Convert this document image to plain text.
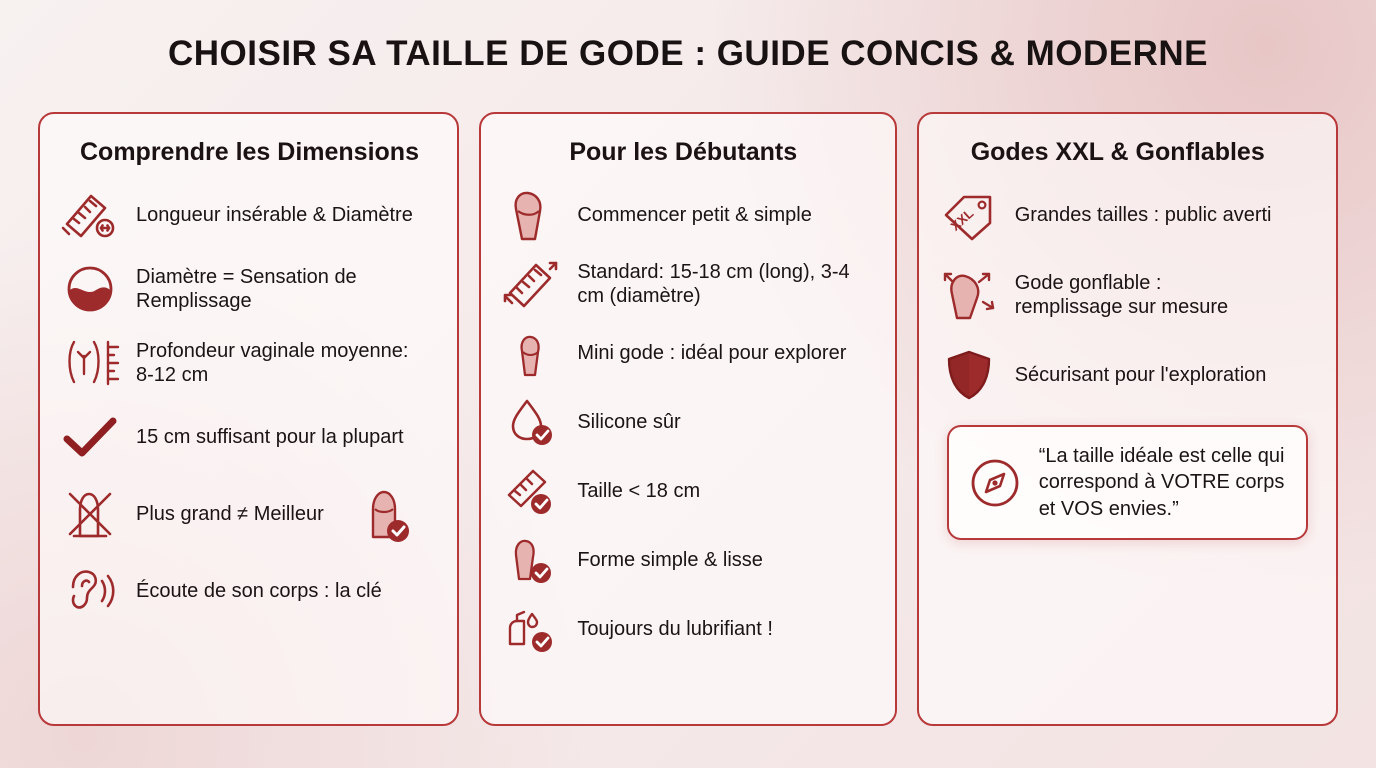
CHOISIR SA TAILLE DE GODE : GUIDE CONCIS & MODERNE
Comprendre les Dimensions
Longueur insérable & Diamètre
Diamètre = Sensation de Remplissage
Profondeur vaginale moyenne: 8-12 cm
15 cm suffisant pour la plupart
Plus grand ≠ Meilleur
Écoute de son corps : la clé
Pour les Débutants
Commencer petit & simple
Standard: 15-18 cm (long), 3-4 cm (diamètre)
Mini gode : idéal pour explorer
Silicone sûr
Taille < 18 cm
Forme simple & lisse
Toujours du lubrifiant !
Godes XXL & Gonflables
XXL Grandes tailles : public averti
Gode gonflable : remplissage sur mesure
Sécurisant pour l'exploration
“La taille idéale est celle qui correspond à VOTRE corps et VOS envies.”
